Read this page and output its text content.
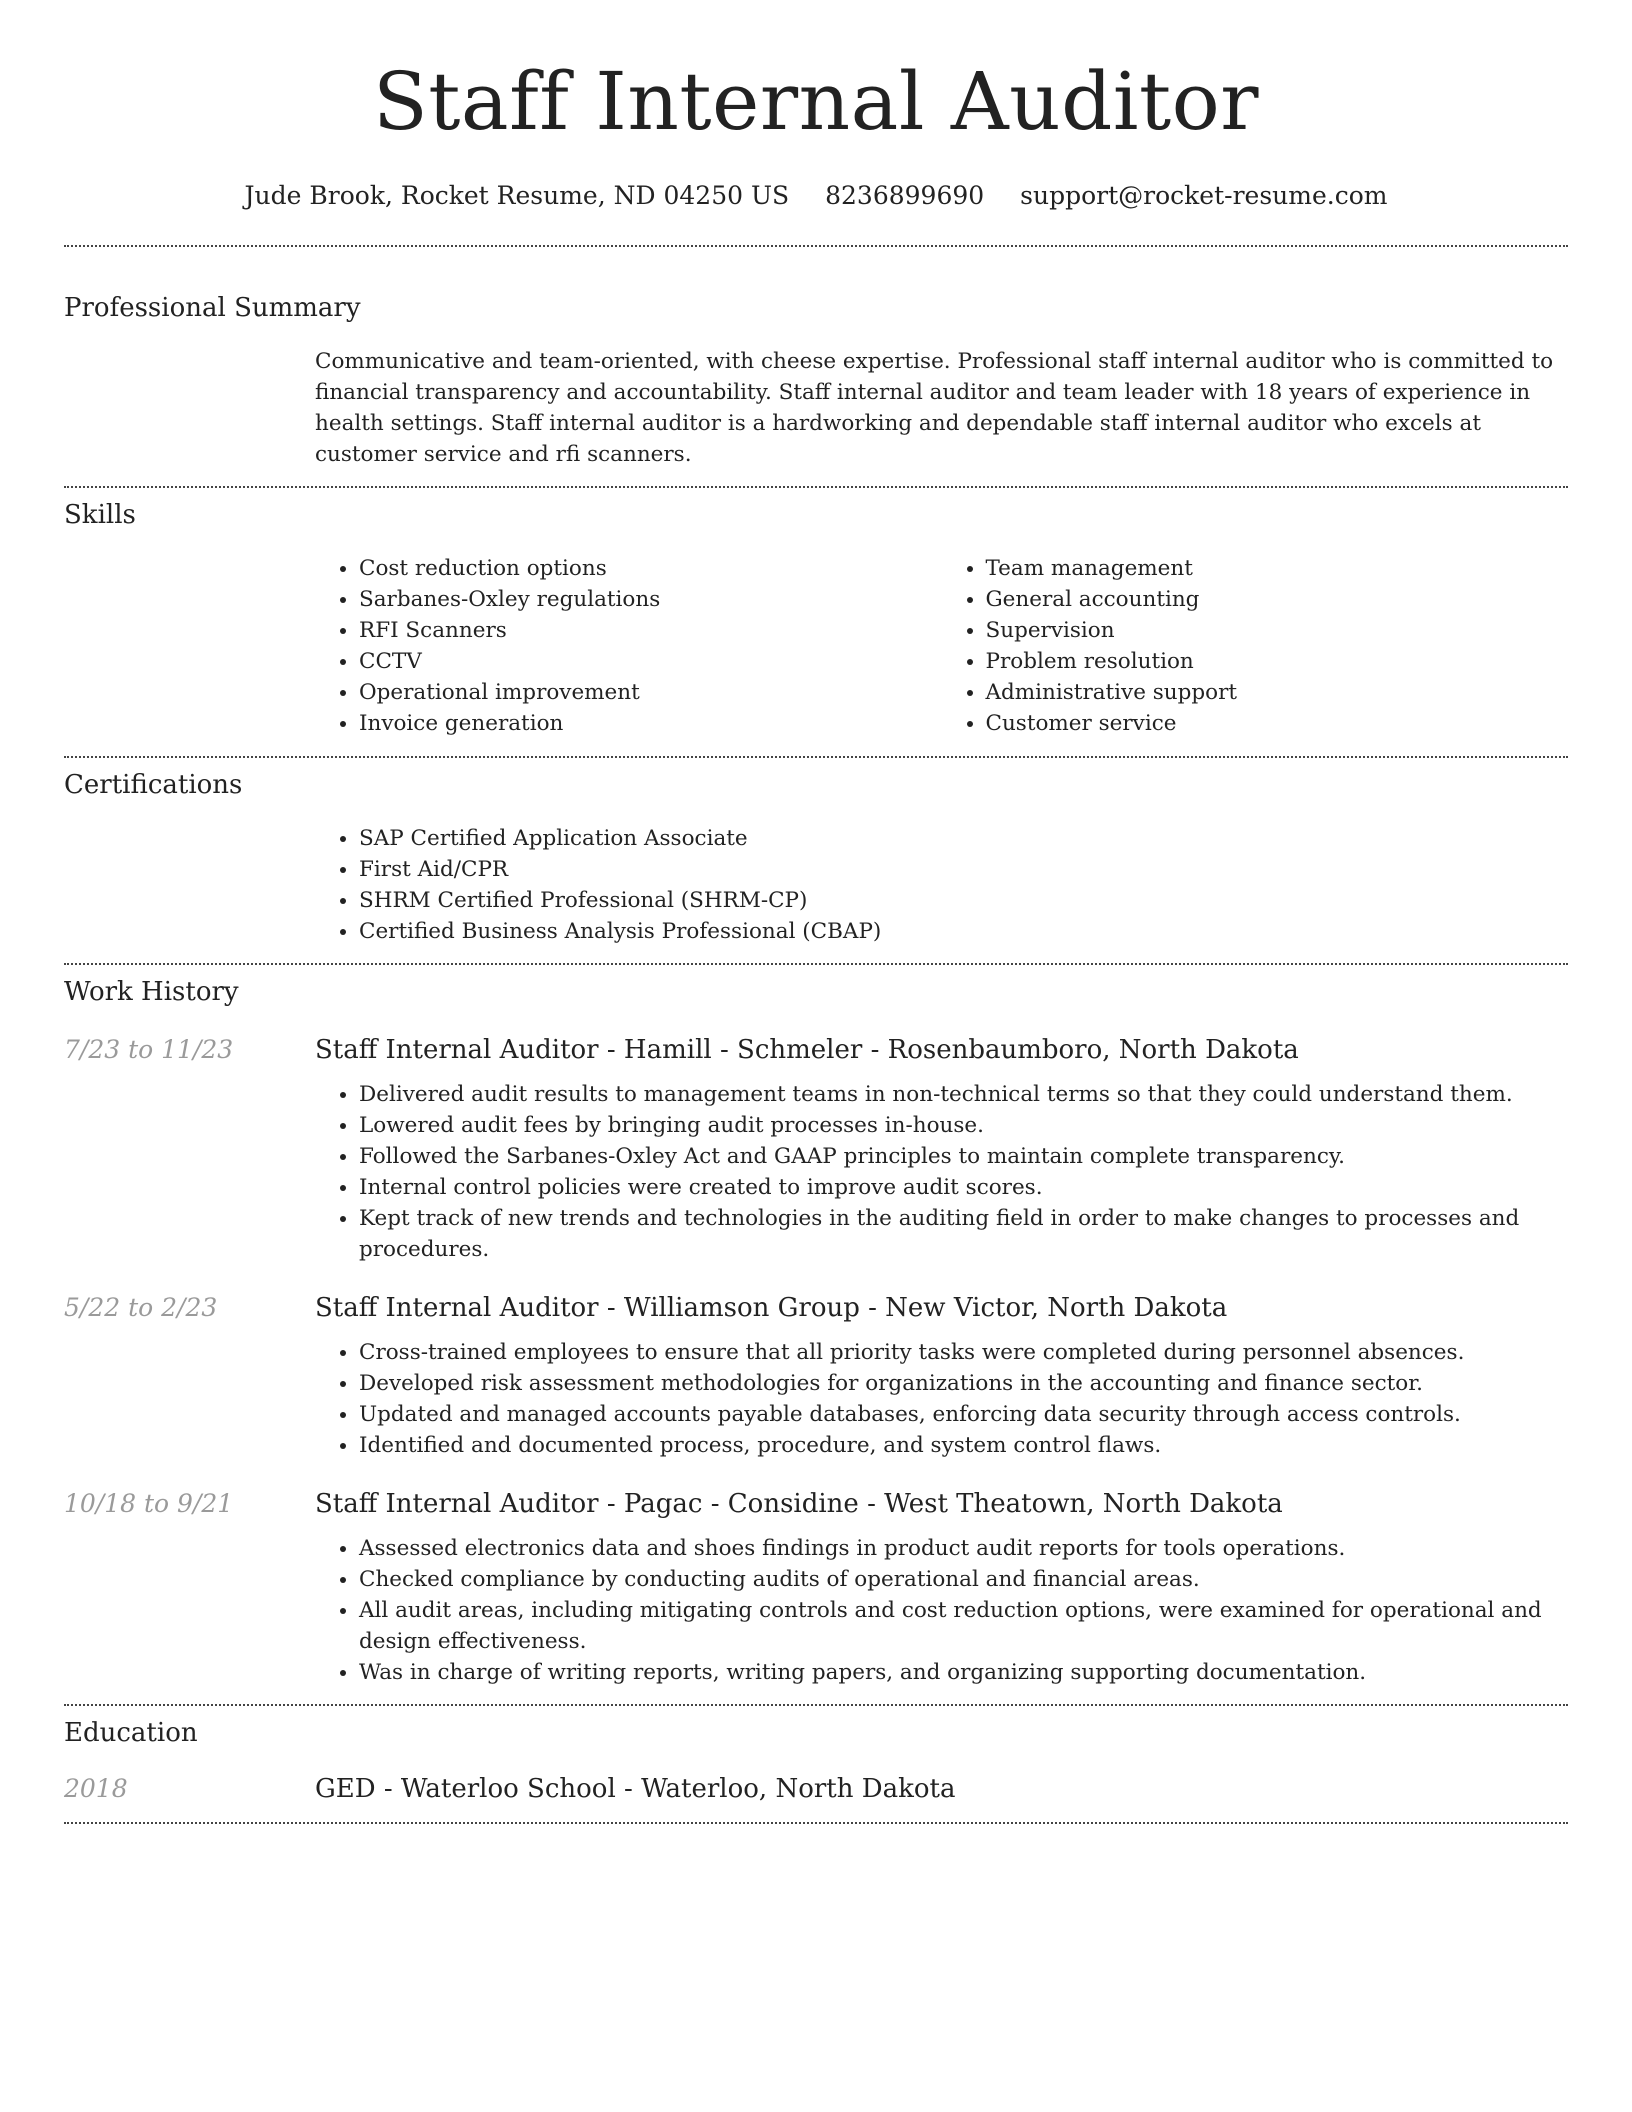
Staff Internal Auditor
Jude Brook, Rocket Resume, ND 04250 US 8236899690 support@rocket-resume.com
Professional Summary

Communicative and team-oriented, with cheese expertise. Professional staff internal auditor who is committed to financial transparency and accountability. Staff internal auditor and team leader with 18 years of experience in health settings. Staff internal auditor is a hardworking and dependable staff internal auditor who excels at customer service and rfi scanners.

Skills
• Cost reduction options
• Sarbanes-Oxley regulations
• RFI Scanners
• CCTV
• Operational improvement
• Invoice generation
• Team management
• General accounting
• Supervision
• Problem resolution
• Administrative support
• Customer service
Certifications
• SAP Certified Application Associate
• First Aid/CPR
• SHRM Certified Professional (SHRM-CP)
• Certified Business Analysis Professional (CBAP)
Work History
7/23 to 11/23	Staff Internal Auditor - Hamill - Schmeler - Rosenbaumboro, North Dakota
• Delivered audit results to management teams in non-technical terms so that they could understand them.
• Lowered audit fees by bringing audit processes in-house.
• Followed the Sarbanes-Oxley Act and GAAP principles to maintain complete transparency.
• Internal control policies were created to improve audit scores.
• Kept track of new trends and technologies in the auditing field in order to make changes to processes and procedures.
5/22 to 2/23	Staff Internal Auditor - Williamson Group - New Victor, North Dakota
• Cross-trained employees to ensure that all priority tasks were completed during personnel absences.
• Developed risk assessment methodologies for organizations in the accounting and finance sector.
• Updated and managed accounts payable databases, enforcing data security through access controls.
• Identified and documented process, procedure, and system control flaws.
10/18 to 9/21	Staff Internal Auditor - Pagac - Considine - West Theatown, North Dakota
• Assessed electronics data and shoes findings in product audit reports for tools operations.
• Checked compliance by conducting audits of operational and financial areas.
• All audit areas, including mitigating controls and cost reduction options, were examined for operational and design effectiveness.
• Was in charge of writing reports, writing papers, and organizing supporting documentation.
Education
2018	GED - Waterloo School - Waterloo, North Dakota
